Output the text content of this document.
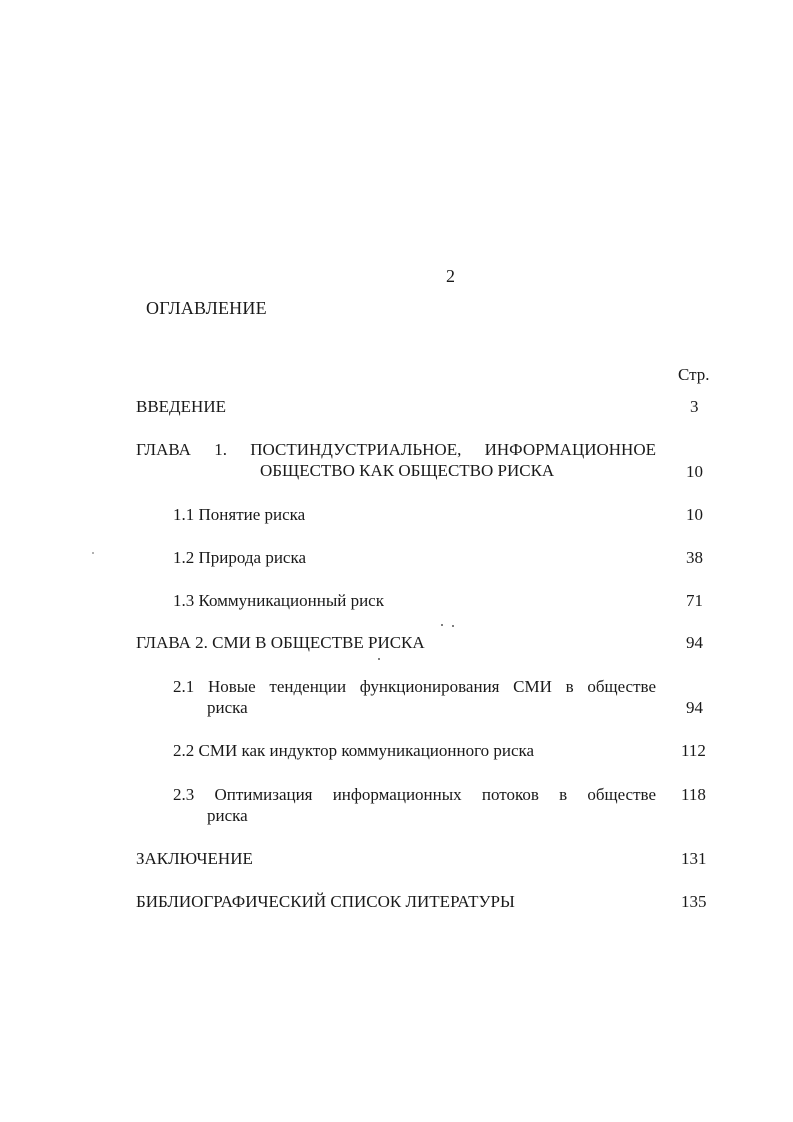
2
ОГЛАВЛЕНИЕ
Стр.
ВВЕДЕНИЕ	3
ГЛАВА 1. ПОСТИНДУСТРИАЛЬНОЕ, ИНФОРМАЦИОННОЕ
ОБЩЕСТВО КАК ОБЩЕСТВО РИСКА	10
1.1 Понятие риска	10
1.2 Природа риска	38
1.3 Коммуникационный риск	71
ГЛАВА 2. СМИ В ОБЩЕСТВЕ РИСКА	94
2.1 Новые тенденции функционирования СМИ в обществе
риска	94
2.2 СМИ как индуктор коммуникационного риска	112
2.3 Оптимизация информационных потоков в обществе
риска
118
ЗАКЛЮЧЕНИЕ	131
БИБЛИОГРАФИЧЕСКИЙ СПИСОК ЛИТЕРАТУРЫ	135
